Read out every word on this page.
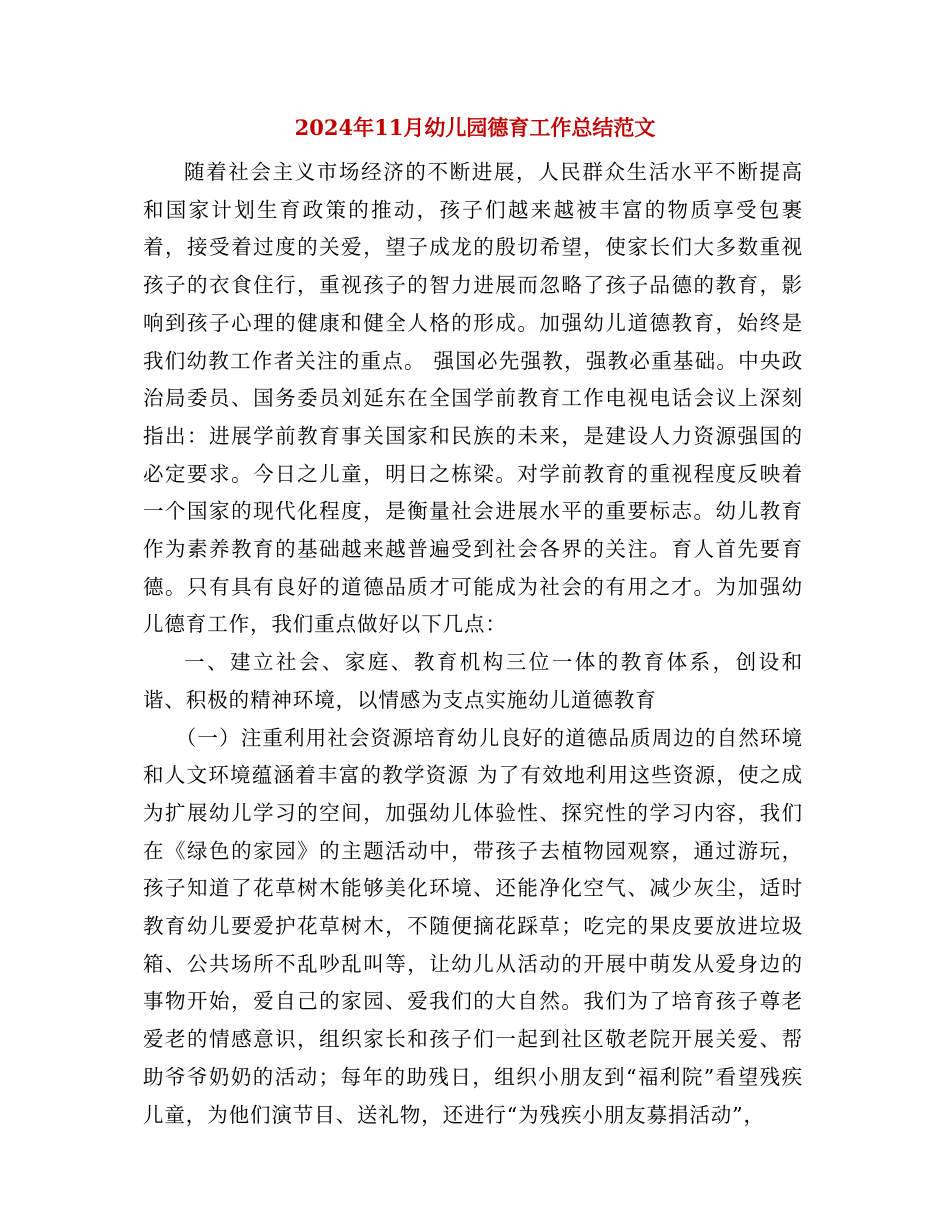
2024年11月幼儿园德育工作总结范文

随着社会主义市场经济的不断进展，人民群众生活水平不断提高和国家计划生育政策的推动，孩子们越来越被丰富的物质享受包裹着，接受着过度的关爱，望子成龙的殷切希望，使家长们大多数重视孩子的衣食住行，重视孩子的智力进展而忽略了孩子品德的教育，影响到孩子心理的健康和健全人格的形成。加强幼儿道德教育，始终是我们幼教工作者关注的重点。 强国必先强教，强教必重基础。中央政治局委员、国务委员刘延东在全国学前教育工作电视电话会议上深刻指出：进展学前教育事关国家和民族的未来，是建设人力资源强国的必定要求。今日之儿童，明日之栋梁。对学前教育的重视程度反映着一个国家的现代化程度，是衡量社会进展水平的重要标志。幼儿教育作为素养教育的基础越来越普遍受到社会各界的关注。育人首先要育德。只有具有良好的道德品质才可能成为社会的有用之才。为加强幼儿德育工作，我们重点做好以下几点：

一、建立社会、家庭、教育机构三位一体的教育体系，创设和谐、积极的精神环境，以情感为支点实施幼儿道德教育

（一）注重利用社会资源培育幼儿良好的道德品质周边的自然环境和人文环境蕴涵着丰富的教学资源 为了有效地利用这些资源，使之成为扩展幼儿学习的空间，加强幼儿体验性、探究性的学习内容，我们在《绿色的家园》的主题活动中，带孩子去植物园观察，通过游玩，孩子知道了花草树木能够美化环境、还能净化空气、减少灰尘，适时教育幼儿要爱护花草树木，不随便摘花踩草；吃完的果皮要放进垃圾箱、公共场所不乱吵乱叫等，让幼儿从活动的开展中萌发从爱身边的事物开始，爱自己的家园、爱我们的大自然。我们为了培育孩子尊老爱老的情感意识，组织家长和孩子们一起到社区敬老院开展关爱、帮助爷爷奶奶的活动；每年的助残日，组织小朋友到“福利院”看望残疾儿童，为他们演节目、送礼物，还进行“为残疾小朋友募捐活动”，
